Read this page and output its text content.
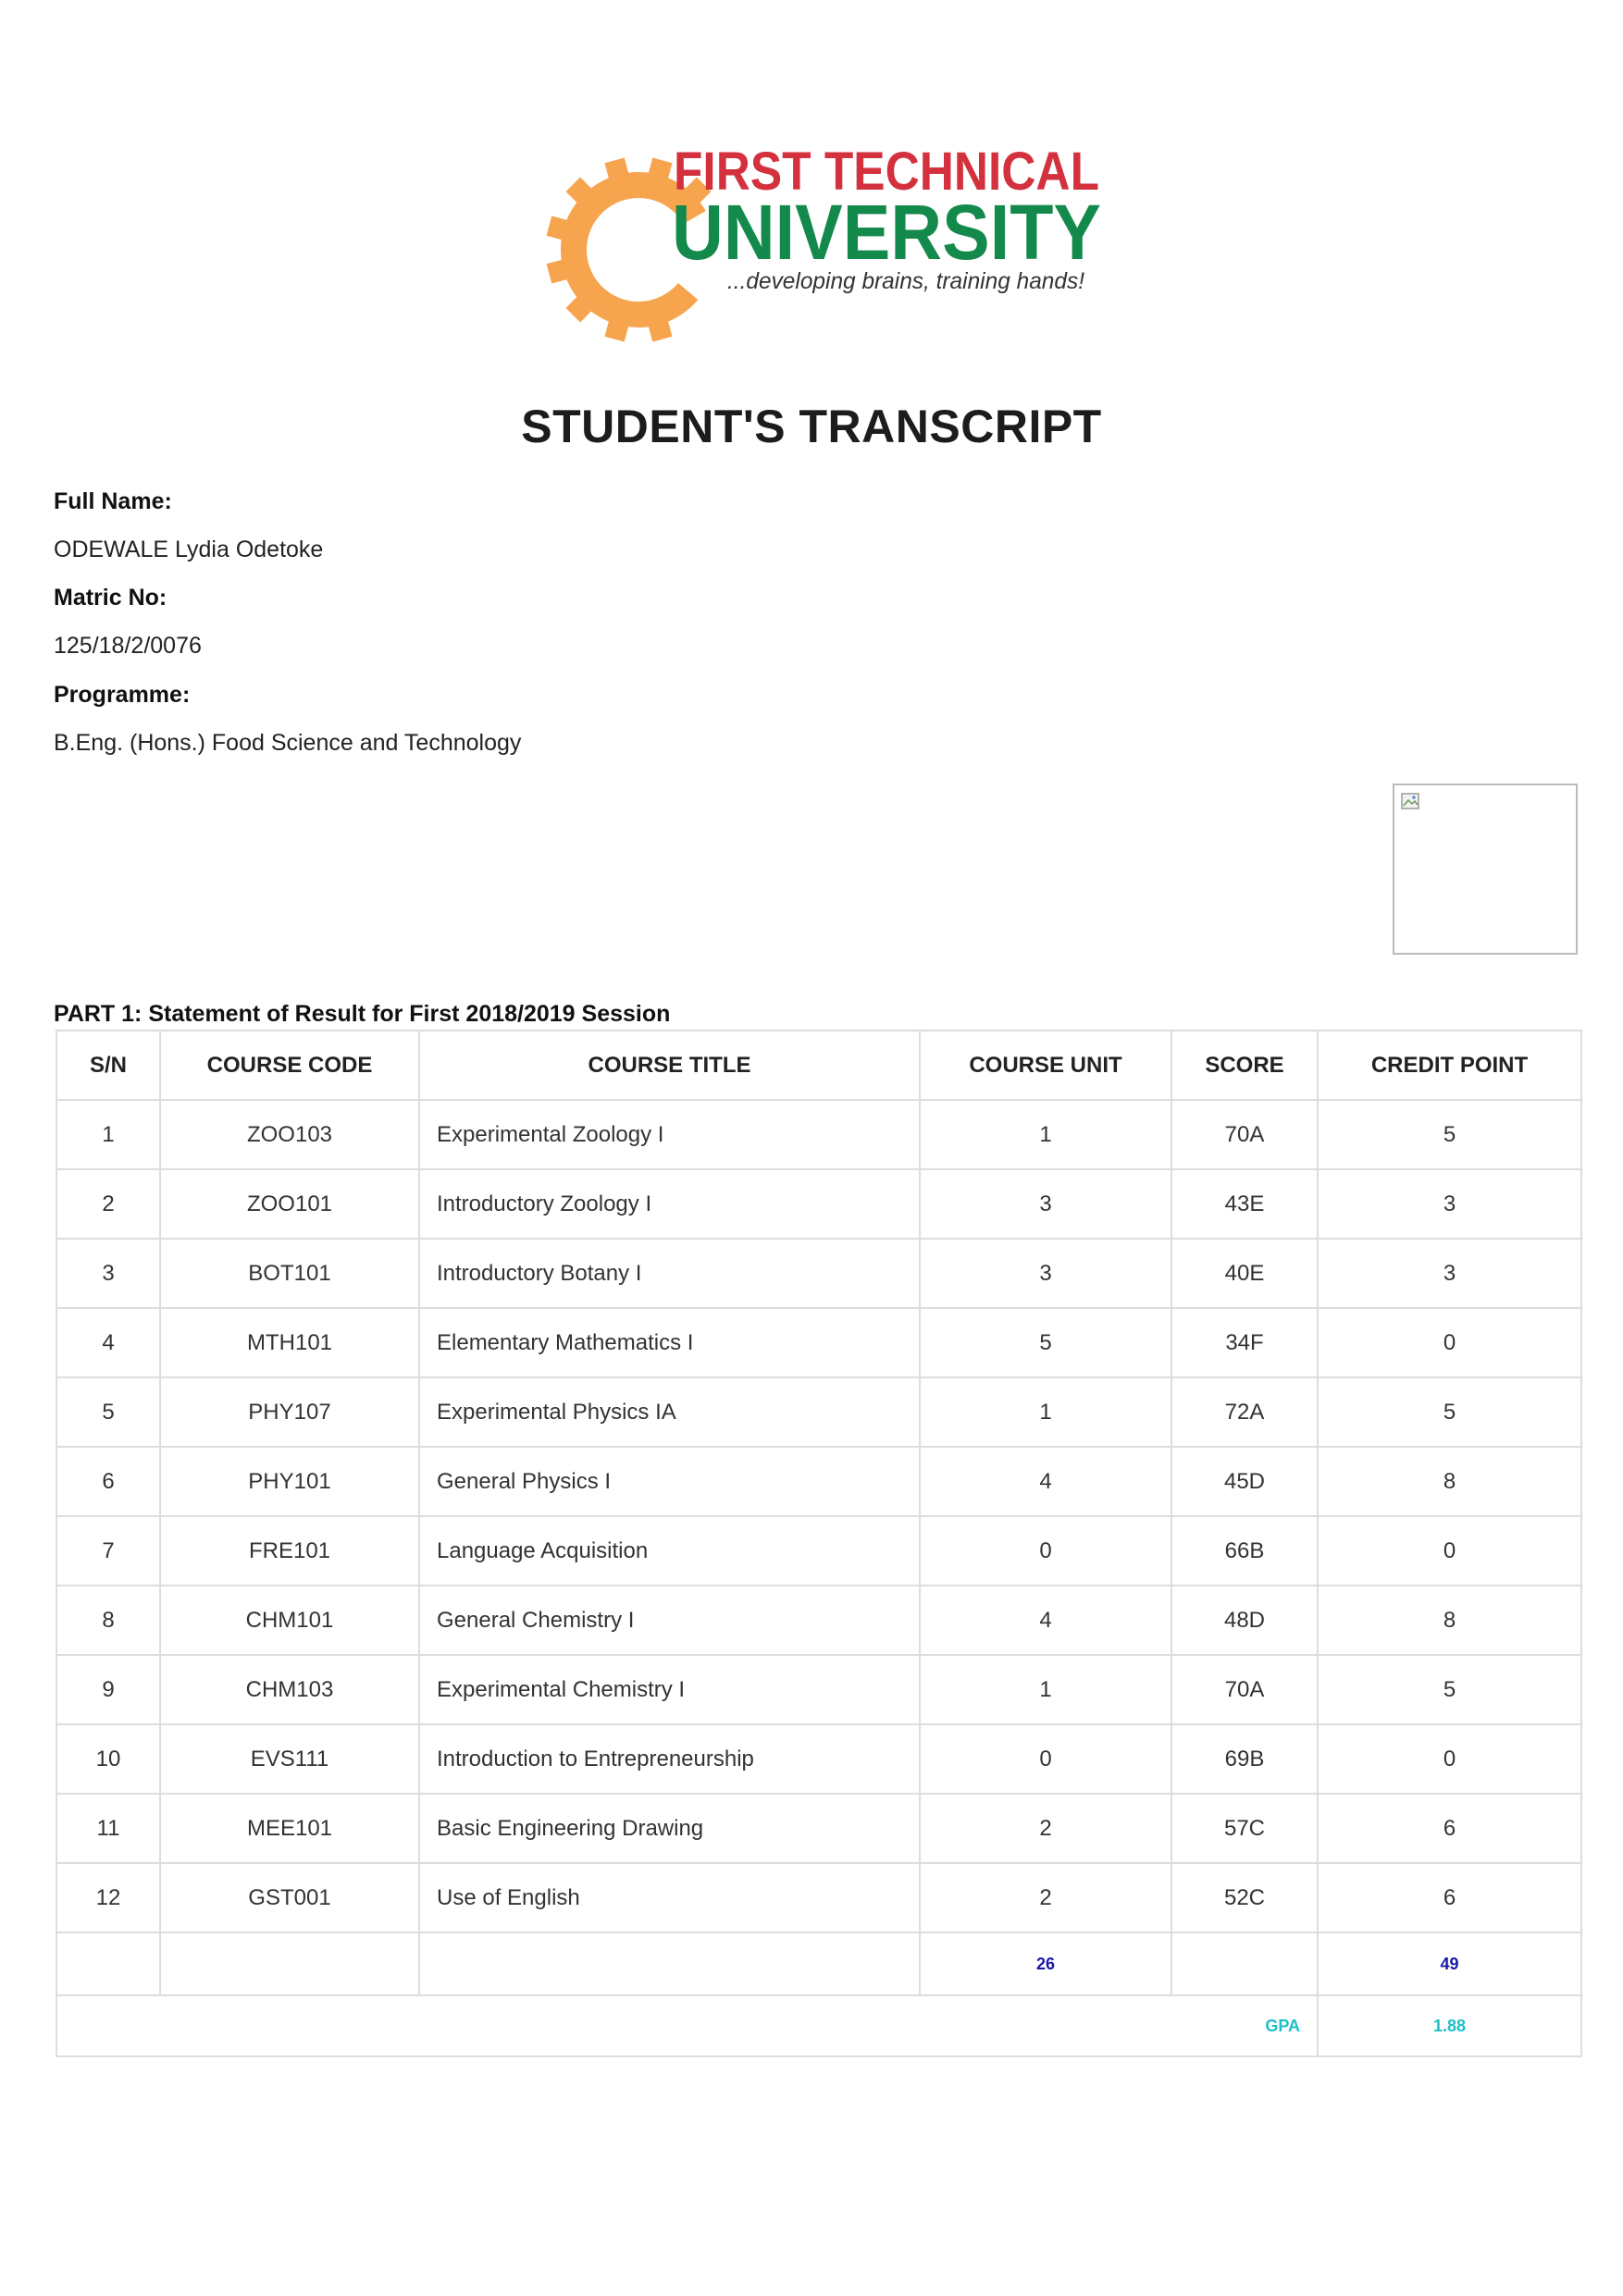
FIRST TECHNICAL
UNIVERSITY
...developing brains, training hands!
STUDENT'S TRANSCRIPT
Full Name:
ODEWALE Lydia Odetoke
Matric No:
125/18/2/0076
Programme:
B.Eng. (Hons.) Food Science and Technology
PART 1: Statement of Result for First 2018/2019 Session
S/N	COURSE CODE	COURSE TITLE	COURSE UNIT	SCORE	CREDIT POINT
1	ZOO103	Experimental Zoology I	1	70A	5
2	ZOO101	Introductory Zoology I	3	43E	3
3	BOT101	Introductory Botany I	3	40E	3
4	MTH101	Elementary Mathematics I	5	34F	0
5	PHY107	Experimental Physics IA	1	72A	5
6	PHY101	General Physics I	4	45D	8
7	FRE101	Language Acquisition	0	66B	0
8	CHM101	General Chemistry I	4	48D	8
9	CHM103	Experimental Chemistry I	1	70A	5
10	EVS111	Introduction to Entrepreneurship	0	69B	0
11	MEE101	Basic Engineering Drawing	2	57C	6
12	GST001	Use of English	2	52C	6
			26		49
GPA					1.88
